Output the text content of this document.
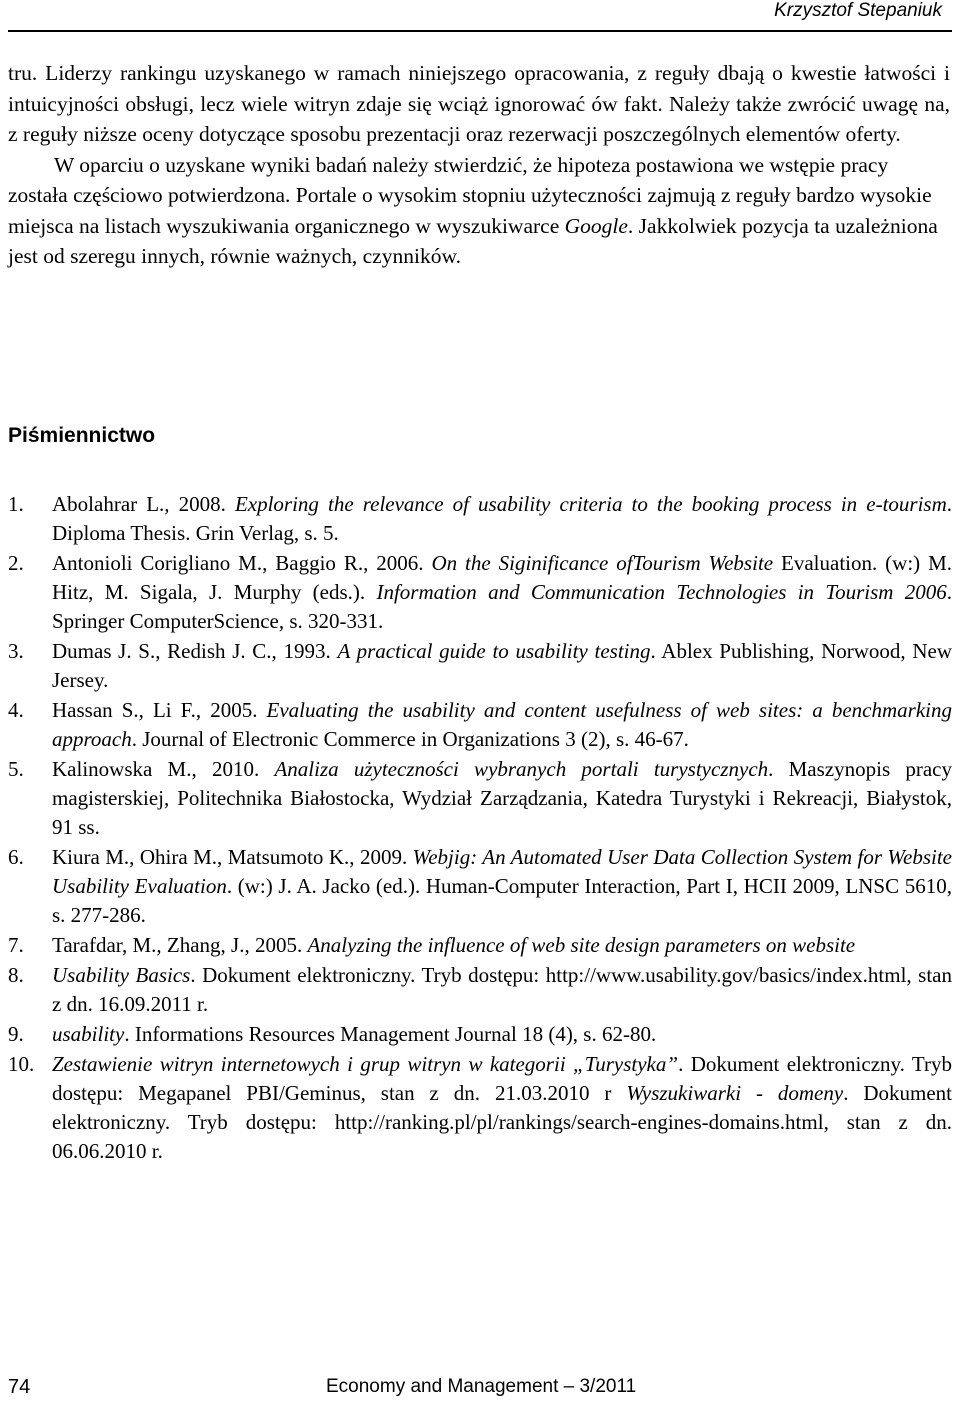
Krzysztof Stepaniuk

tru. Liderzy rankingu uzyskanego w ramach niniejszego opracowania, z reguły dbają o kwestie łatwości i intuicyjności obsługi, lecz wiele witryn zdaje się wciąż ignorować ów fakt. Należy także zwrócić uwagę na, z reguły niższe oceny dotyczące sposobu prezentacji oraz rezerwacji poszczególnych elementów oferty.

W oparciu o uzyskane wyniki badań należy stwierdzić, że hipoteza postawiona we wstępie pracy została częściowo potwierdzona. Portale o wysokim stopniu użyteczności zajmują z reguły bardzo wysokie miejsca na listach wyszukiwania organicznego w wyszukiwarce Google. Jakkolwiek pozycja ta uzależniona jest od szeregu innych, równie ważnych, czynników.

Piśmiennictwo
1.	Abolahrar L., 2008. Exploring the relevance of usability criteria to the booking process in e-tourism. Diploma Thesis. Grin Verlag, s. 5.
2.	Antonioli Corigliano M., Baggio R., 2006. On the Siginificance ofTourism Website Evaluation. (w:) M. Hitz, M. Sigala, J. Murphy (eds.). Information and Communication Technologies in Tourism 2006. Springer ComputerScience, s. 320-331.
3.	Dumas J. S., Redish J. C., 1993. A practical guide to usability testing. Ablex Publishing, Norwood, New Jersey.
4.	Hassan S., Li F., 2005. Evaluating the usability and content usefulness of web sites: a benchmarking approach. Journal of Electronic Commerce in Organizations 3 (2), s. 46-67.
5.	Kalinowska M., 2010. Analiza użyteczności wybranych portali turystycznych. Maszynopis pracy magisterskiej, Politechnika Białostocka, Wydział Zarządzania, Katedra Turystyki i Rekreacji, Białystok, 91 ss.
6.	Kiura M., Ohira M., Matsumoto K., 2009. Webjig: An Automated User Data Collection System for Website Usability Evaluation. (w:) J. A. Jacko (ed.). Human-Computer Interaction, Part I, HCII 2009, LNSC 5610, s. 277-286.
7.	Tarafdar, M., Zhang, J., 2005. Analyzing the influence of web site design parameters on website
8.	Usability Basics. Dokument elektroniczny. Tryb dostępu: http://www.usability.gov/basics/index.html, stan z dn. 16.09.2011 r.
9.	usability. Informations Resources Management Journal 18 (4), s. 62-80.
10. Zestawienie witryn internetowych i grup witryn w kategorii „Turystyka”. Dokument elektroniczny. Tryb dostępu: Megapanel PBI/Geminus, stan z dn. 21.03.2010 r Wyszukiwarki - domeny. Dokument elektroniczny. Tryb dostępu: http://ranking.pl/pl/rankings/search-engines-domains.html, stan z dn. 06.06.2010 r.
74	Economy and Management – 3/2011
